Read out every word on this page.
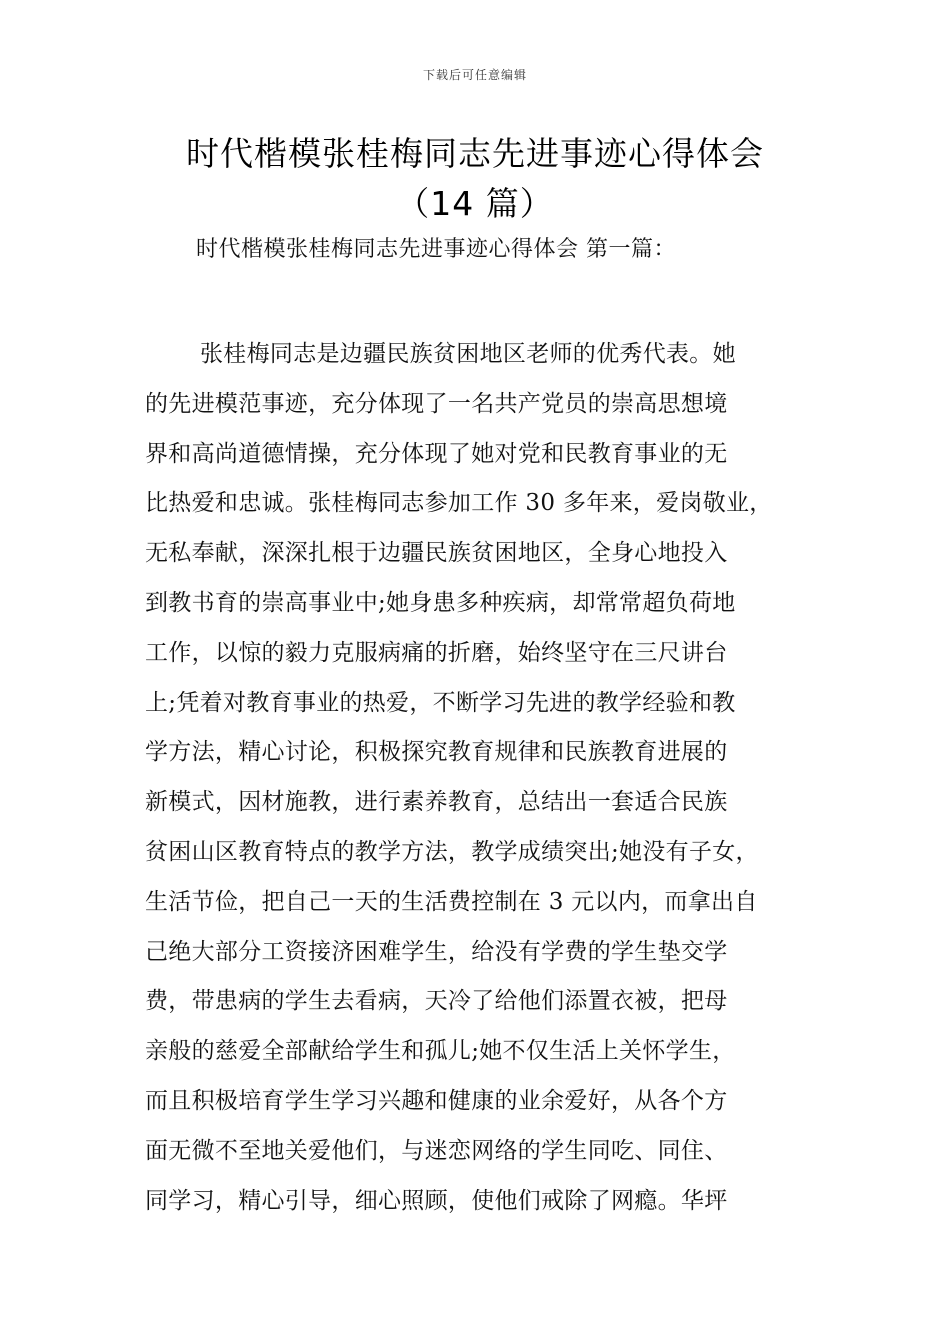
下载后可任意编辑
时代楷模张桂梅同志先进事迹心得体会
（14 篇）
时代楷模张桂梅同志先进事迹心得体会 第一篇：
张桂梅同志是边疆民族贫困地区老师的优秀代表。她
的先进模范事迹，充分体现了一名共产党员的崇高思想境
界和高尚道德情操，充分体现了她对党和民教育事业的无
比热爱和忠诚。张桂梅同志参加工作 30 多年来，爱岗敬业，
无私奉献，深深扎根于边疆民族贫困地区，全身心地投入
到教书育的崇高事业中;她身患多种疾病，却常常超负荷地
工作，以惊的毅力克服病痛的折磨，始终坚守在三尺讲台
上;凭着对教育事业的热爱，不断学习先进的教学经验和教
学方法，精心讨论，积极探究教育规律和民族教育进展的
新模式，因材施教，进行素养教育，总结出一套适合民族
贫困山区教育特点的教学方法，教学成绩突出;她没有子女，
生活节俭，把自己一天的生活费控制在 3 元以内，而拿出自
己绝大部分工资接济困难学生，给没有学费的学生垫交学
费，带患病的学生去看病，天冷了给他们添置衣被，把母
亲般的慈爱全部献给学生和孤儿;她不仅生活上关怀学生，
而且积极培育学生学习兴趣和健康的业余爱好，从各个方
面无微不至地关爱他们，与迷恋网络的学生同吃、同住、
同学习，精心引导，细心照顾，使他们戒除了网瘾。华坪
